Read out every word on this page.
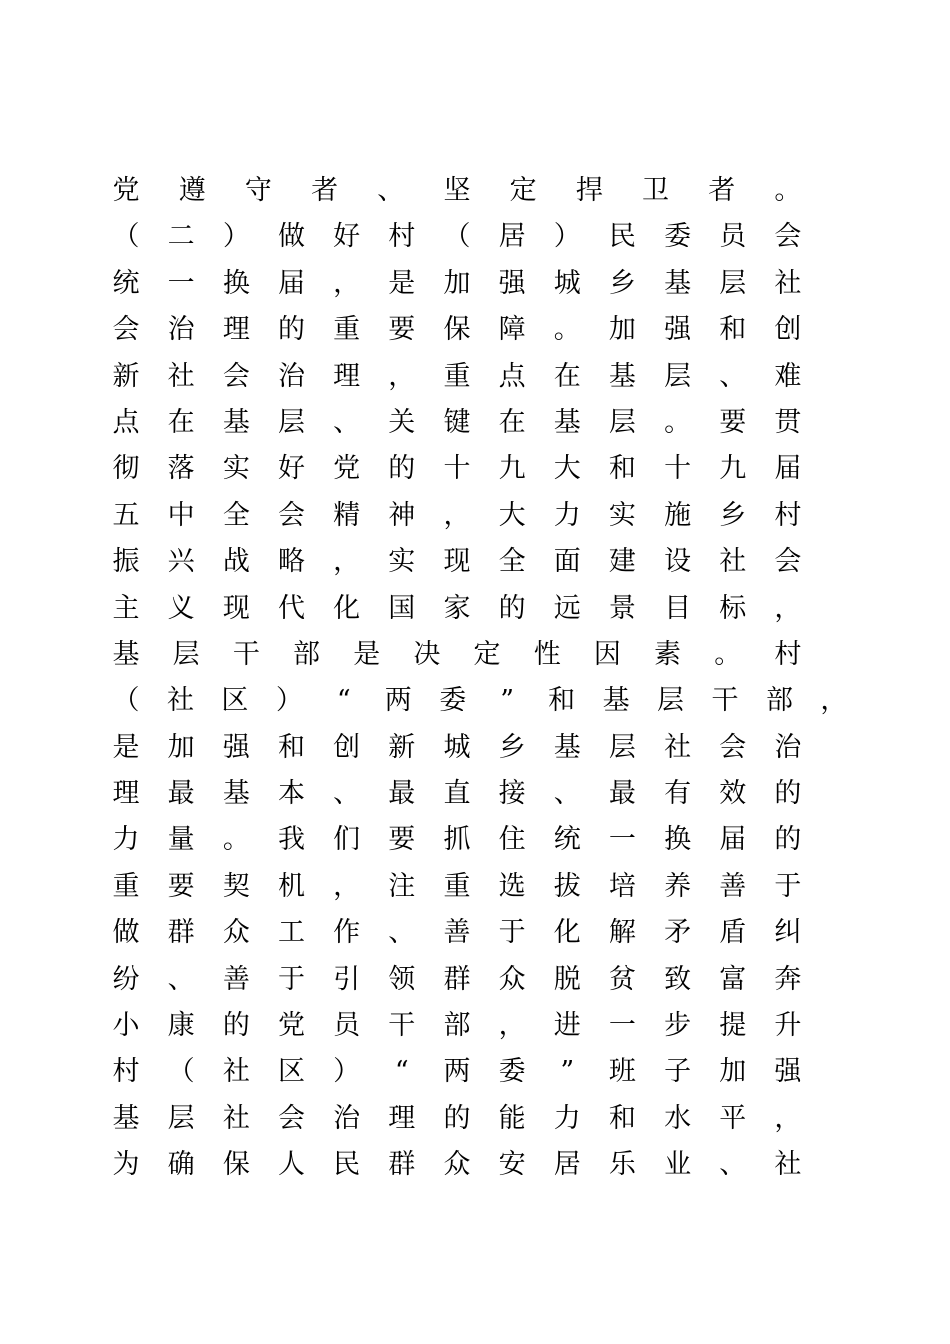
党 遵 守 者 、 坚 定 捍 卫 者 。
（ 二 ） 做 好 村 （ 居 ） 民 委 员 会
统 一 换 届 ， 是 加 强 城 乡 基 层 社
会 治 理 的 重 要 保 障 。 加 强 和 创
新 社 会 治 理 ， 重 点 在 基 层 、 难
点 在 基 层 、 关 键 在 基 层 。 要 贯
彻 落 实 好 党 的 十 九 大 和 十 九 届
五 中 全 会 精 神 ， 大 力 实 施 乡 村
振 兴 战 略 ， 实 现 全 面 建 设 社 会
主 义 现 代 化 国 家 的 远 景 目 标 ，
基 层 干 部 是 决 定 性 因 素 。 村
（ 社 区 ）	“	两 委	”	和 基 层 干 部 ，
是 加 强 和 创 新 城 乡 基 层 社 会 治
理 最 基 本 、 最 直 接 、 最 有 效 的
力 量 。 我 们 要 抓 住 统 一 换 届 的
重 要 契 机 ， 注 重 选 拔 培 养 善 于
做 群 众 工 作 、 善 于 化 解 矛 盾 纠
纷 、 善 于 引 领 群 众 脱 贫 致 富 奔
小 康 的 党 员 干 部 ， 进 一 步 提 升
村 （ 社 区 ）	“	两 委	”	班 子 加 强
基 层 社 会 治 理 的 能 力 和 水 平 ，
为 确 保 人 民 群 众 安 居 乐 业 、 社
